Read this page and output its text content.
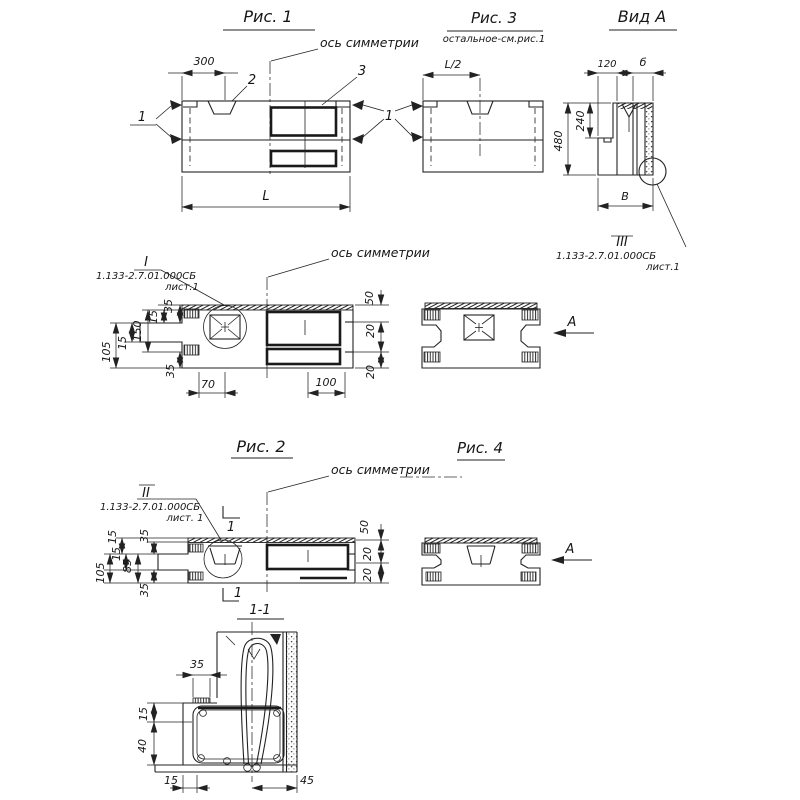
Рис. 1
ось симметрии
300
2
3
1	1
L
Рис. 3
остальное-см.рис.1
L/2
Вид А
120 б
480
240
В
III
1.133-2.7.01.000СБ
лист.1
ось симметрии
I
1.133-2.7.01.000СБ
лист.1
35
15
150
15
105
35
70	100
50
20
20
А
Рис. 2
ось симметрии
II
1.133-2.7.01.000СБ
лист. 1
1
1
15 35
15
85
105
35
50
20
20
Рис. 4
А
1-1
35
15
40
15	45
